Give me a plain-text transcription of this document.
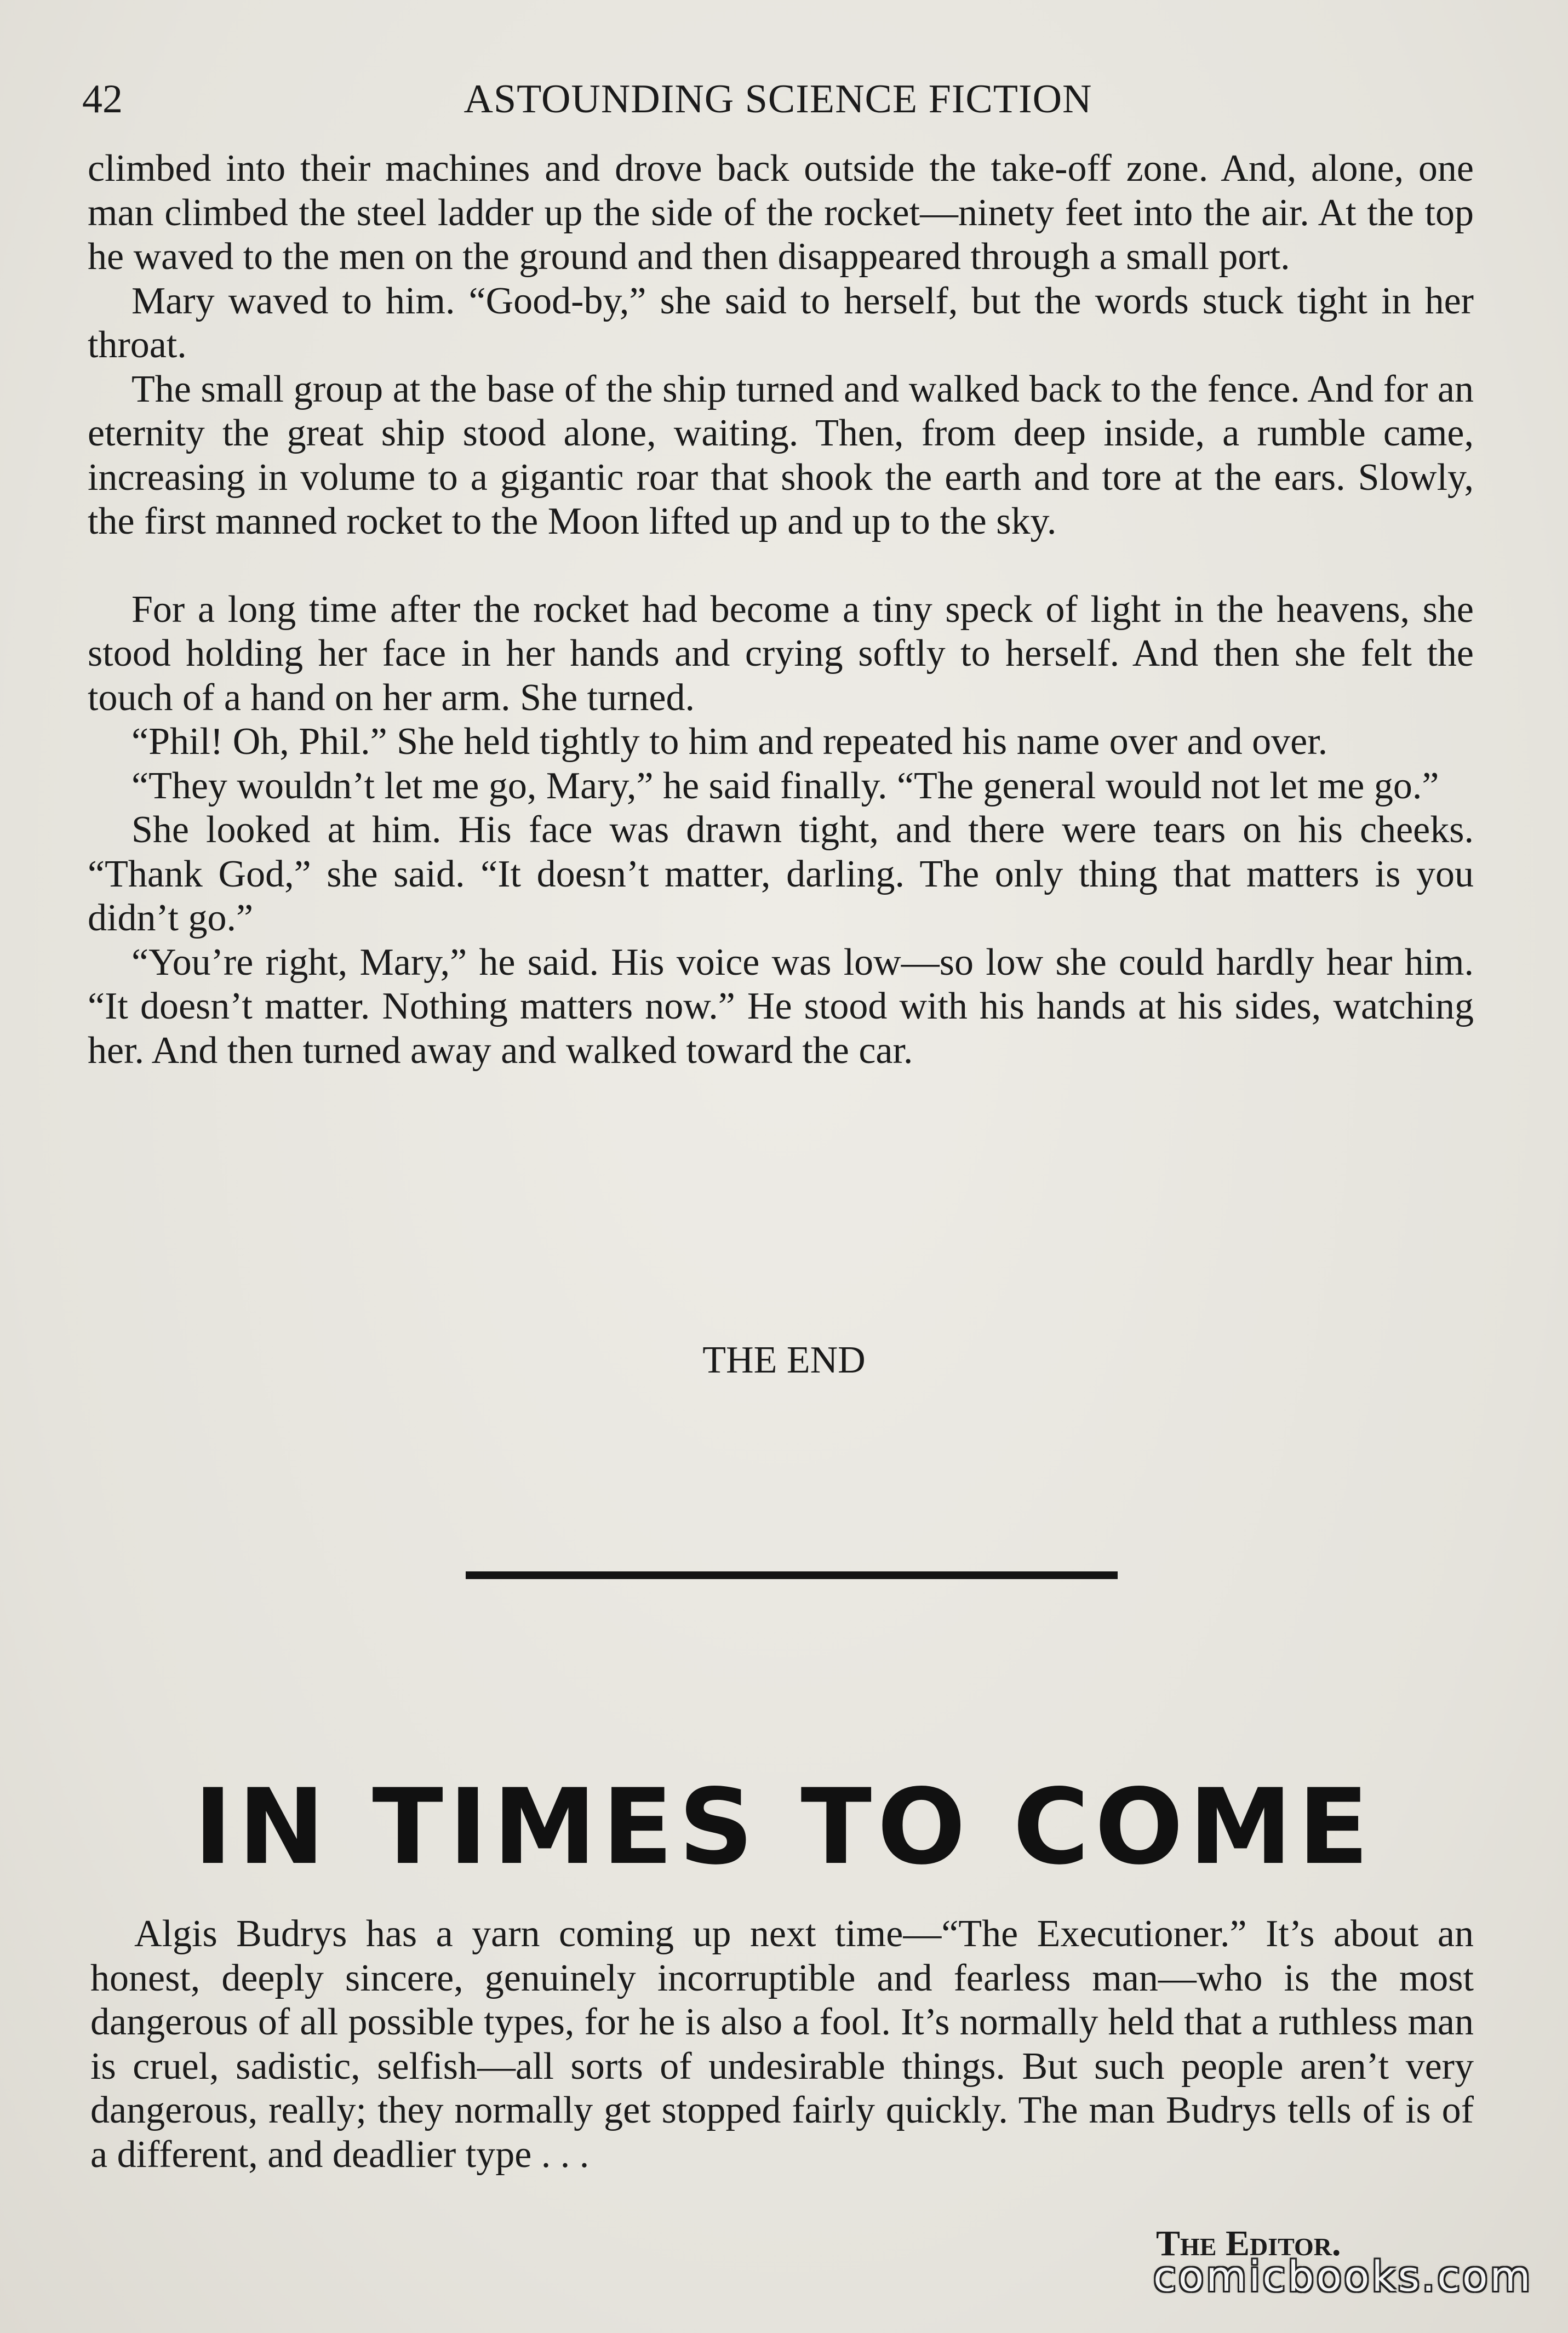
42	ASTOUNDING SCIENCE FICTION

climbed into their machines and drove back outside the take-off zone. And, alone, one man climbed the steel ladder up the side of the rocket—ninety feet into the air. At the top he waved to the men on the ground and then disappeared through a small port.

Mary waved to him. “Good-by,” she said to herself, but the words stuck tight in her throat.

The small group at the base of the ship turned and walked back to the fence. And for an eternity the great ship stood alone, waiting. Then, from deep inside, a rumble came, increasing in volume to a gigantic roar that shook the earth and tore at the ears. Slowly, the first manned rocket to the Moon lifted up and up to the sky.

For a long time after the rocket had become a tiny speck of light in the heavens, she stood holding her face in her hands and crying softly to herself. And then she felt the touch of a hand on her arm. She turned.

“Phil! Oh, Phil.” She held tightly to him and repeated his name over and over.

“They wouldn’t let me go, Mary,” he said finally. “The general would not let me go.”

She looked at him. His face was drawn tight, and there were tears on his cheeks. “Thank God,” she said. “It doesn’t matter, darling. The only thing that matters is you didn’t go.”

“You’re right, Mary,” he said. His voice was low—so low she could hardly hear him. “It doesn’t matter. Nothing matters now.” He stood with his hands at his sides, watching her. And then turned away and walked toward the car.

THE END
IN TIMES TO COME

Algis Budrys has a yarn coming up next time—“The Executioner.” It’s about an honest, deeply sincere, genuinely incorruptible and fearless man—who is the most dangerous of all possible types, for he is also a fool. It’s normally held that a ruthless man is cruel, sadistic, selfish—all sorts of undesirable things. But such people aren’t very dangerous, really; they normally get stopped fairly quickly. The man Budrys tells of is of a different, and deadlier type . . .

The Editor.
comicbooks.com
